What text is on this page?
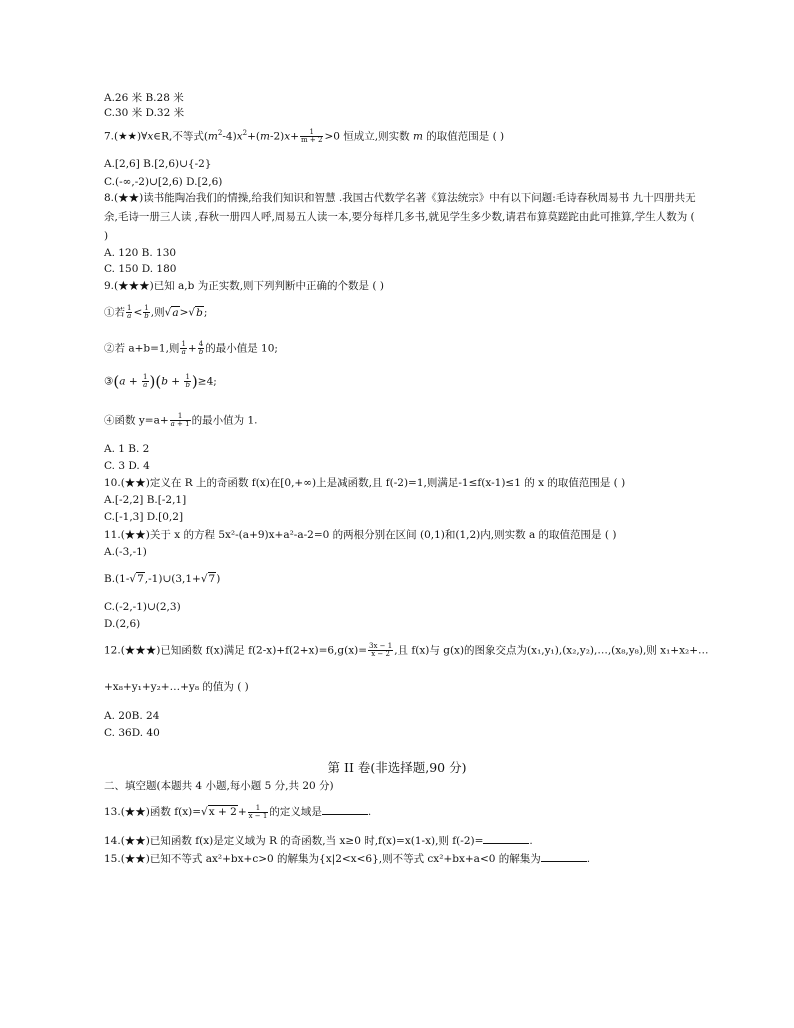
A.26 米 B.28 米
C.30 米 D.32 米
7.(★★)∀x∈R,不等式$(m^2-4)x^2+(m-2)x+ \frac{1}{m + 2} >0$ 恒成立,则实数 m 的取值范围是 ( )
A.[2,6] B.[2,6)∪{-2}
C.(-∞,-2)∪[2,6) D.[2,6)
8.(★★)读书能陶冶我们的情操,给我们知识和智慧 .我国古代数学名著《算法统宗》中有以下问题:毛诗春秋周易书 九十四册共无余,毛诗一册三人读 ,春秋一册四人呼,周易五人读一本,要分每样几多书,就见学生多少数,请君布算莫蹉跎由此可推算,学生人数为 ( )
A. 120 B. 130
C. 150 D. 180
9.(★★★)已知 a,b 为正实数,则下列判断中正确的个数是 ( )
①若 $\frac{1}{a} < \frac{1}{b}$ ,则√a>√b;
②若 a+b=1,则 $\frac{1}{a} + \frac{4}{b}$ 的最小值是 10;
③(a + $\frac{1}{a} )(b + \frac{1}{b} )\ge 4$;
④函数 $y=a+ \frac{1}{a + 1}$ 的最小值为 1.
A. 1 B. 2
C. 3 D. 4
10.(★★)定义在 R 上的奇函数 f(x)在[0,+∞)上是减函数,且 f(-2)=1,则满足-1≤f(x-1)≤1 的 x 的取值范围是 ( )
A.[-2,2] B.[-2,1]
C.[-1,3] D.[0,2]
11.(★★)关于 x 的方程 5x²-(a+9)x+a²-a-2=0 的两根分别在区间 (0,1)和(1,2)内,则实数 a 的取值范围是 ( )
A.(-3,-1)
B.(1-√7,-1)∪(3,1+√7)
C.(-2,-1)∪(2,3)
D.(2,6)
12.(★★★)已知函数 f(x)满足 $f(2-x)+f(2+x)=6,g(x)= \frac{3x - 1}{x - 2}$ ,且 f(x)与 g(x)的图象交点为(x₁,y₁),(x₂,y₂),…,(x₈,y₈),则 x₁+x₂+…
+x₈+y₁+y₂+…+y₈ 的值为 ( )
A. 20B. 24
C. 36D. 40
第 II 卷(非选择题,90 分)
二、填空题(本题共 4 小题,每小题 5 分,共 20 分)
13.(★★)函数 $f(x)=√x + 2+ \frac{1}{x - 1}$ 的定义域是	.
14.(★★)已知函数 f(x)是定义域为 R 的奇函数,当 x≥0 时,f(x)=x(1-x),则 f(-2)=	.
15.(★★)已知不等式 ax²+bx+c>0 的解集为{x|2<x<6},则不等式 cx²+bx+a<0 的解集为	.
